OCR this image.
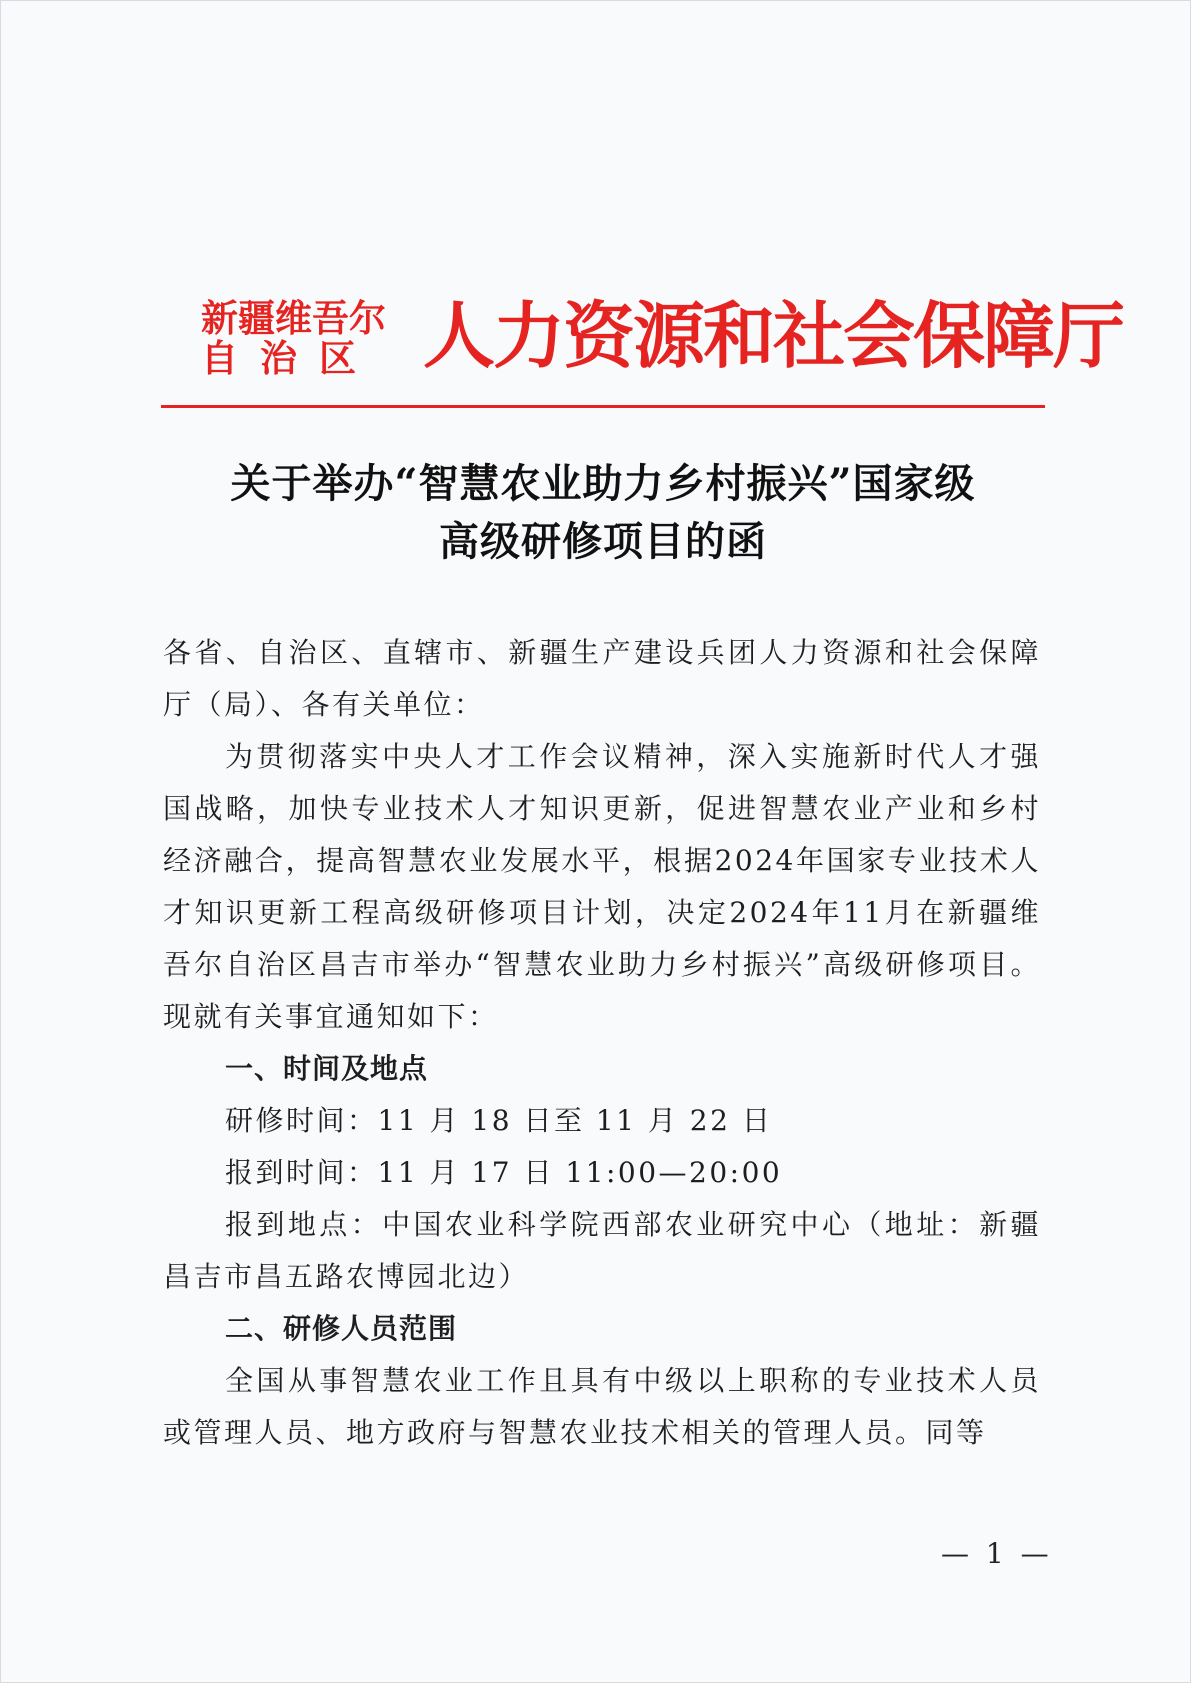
新疆维吾尔
自治区 人力资源和社会保障厅
关于举办“智慧农业助力乡村振兴”国家级
高级研修项目的函

各省、自治区、直辖市、新疆生产建设兵团人力资源和社会保障厅（局）、各有关单位：

为贯彻落实中央人才工作会议精神，深入实施新时代人才强国战略，加快专业技术人才知识更新，促进智慧农业产业和乡村经济融合，提高智慧农业发展水平，根据2024年国家专业技术人才知识更新工程高级研修项目计划，决定2024年11月在新疆维吾尔自治区昌吉市举办“智慧农业助力乡村振兴”高级研修项目。现就有关事宜通知如下：

一、时间及地点

研修时间：11 月 18 日至 11 月 22 日

报到时间：11 月 17 日 11:00—20:00

报到地点：中国农业科学院西部农业研究中心（地址：新疆昌吉市昌五路农博园北边）

二、研修人员范围

全国从事智慧农业工作且具有中级以上职称的专业技术人员或管理人员、地方政府与智慧农业技术相关的管理人员。同等

— 1 —
